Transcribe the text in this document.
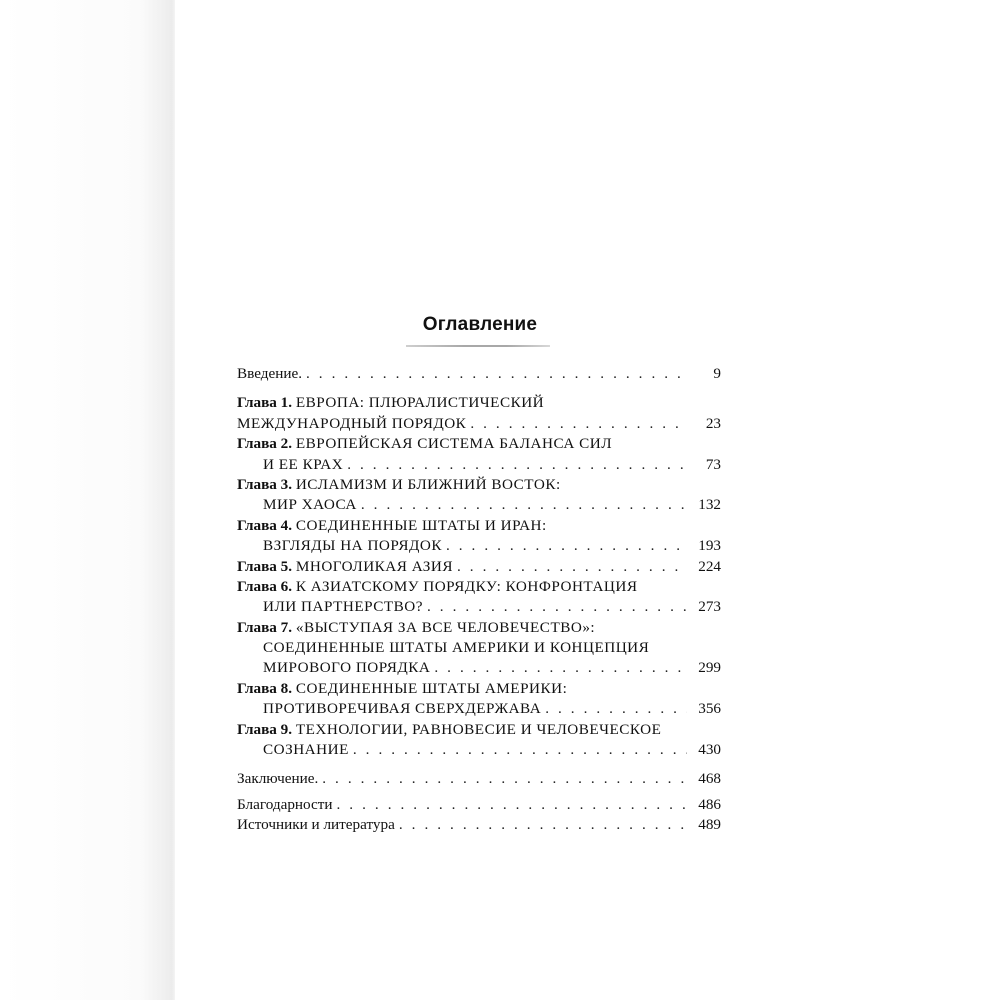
Оглавление
Введение. . . .	9
Глава 1.
ЕВРОПА: ПЛЮРАЛИСТИЧЕСКИЙ
МЕЖДУНАРОДНЫЙ ПОРЯДОК . . .	23
Глава 2.
ЕВРОПЕЙСКАЯ СИСТЕМА БАЛАНСА СИЛ
И ЕЕ КРАХ . . .	73
Глава 3.
ИСЛАМИЗМ И БЛИЖНИЙ ВОСТОК:
МИР ХАОСА . . .	132
Глава 4.
СОЕДИНЕННЫЕ ШТАТЫ И ИРАН:
ВЗГЛЯДЫ НА ПОРЯДОК . . .	193
Глава 5.
МНОГОЛИКАЯ АЗИЯ . . .	224
Глава 6.
К АЗИАТСКОМУ ПОРЯДКУ: КОНФРОНТАЦИЯ
ИЛИ ПАРТНЕРСТВО? . . .	273
Глава 7.
«ВЫСТУПАЯ ЗА ВСЕ ЧЕЛОВЕЧЕСТВО»:
СОЕДИНЕННЫЕ ШТАТЫ АМЕРИКИ И КОНЦЕПЦИЯ
МИРОВОГО ПОРЯДКА . . .	299
Глава 8.
СОЕДИНЕННЫЕ ШТАТЫ АМЕРИКИ:
ПРОТИВОРЕЧИВАЯ СВЕРХДЕРЖАВА . . .	356
Глава 9.
ТЕХНОЛОГИИ, РАВНОВЕСИЕ И ЧЕЛОВЕЧЕСКОЕ
СОЗНАНИЕ . . .	430
Заключение. . . .	468
Благодарности . . .	486
Источники и литература . . .	489
